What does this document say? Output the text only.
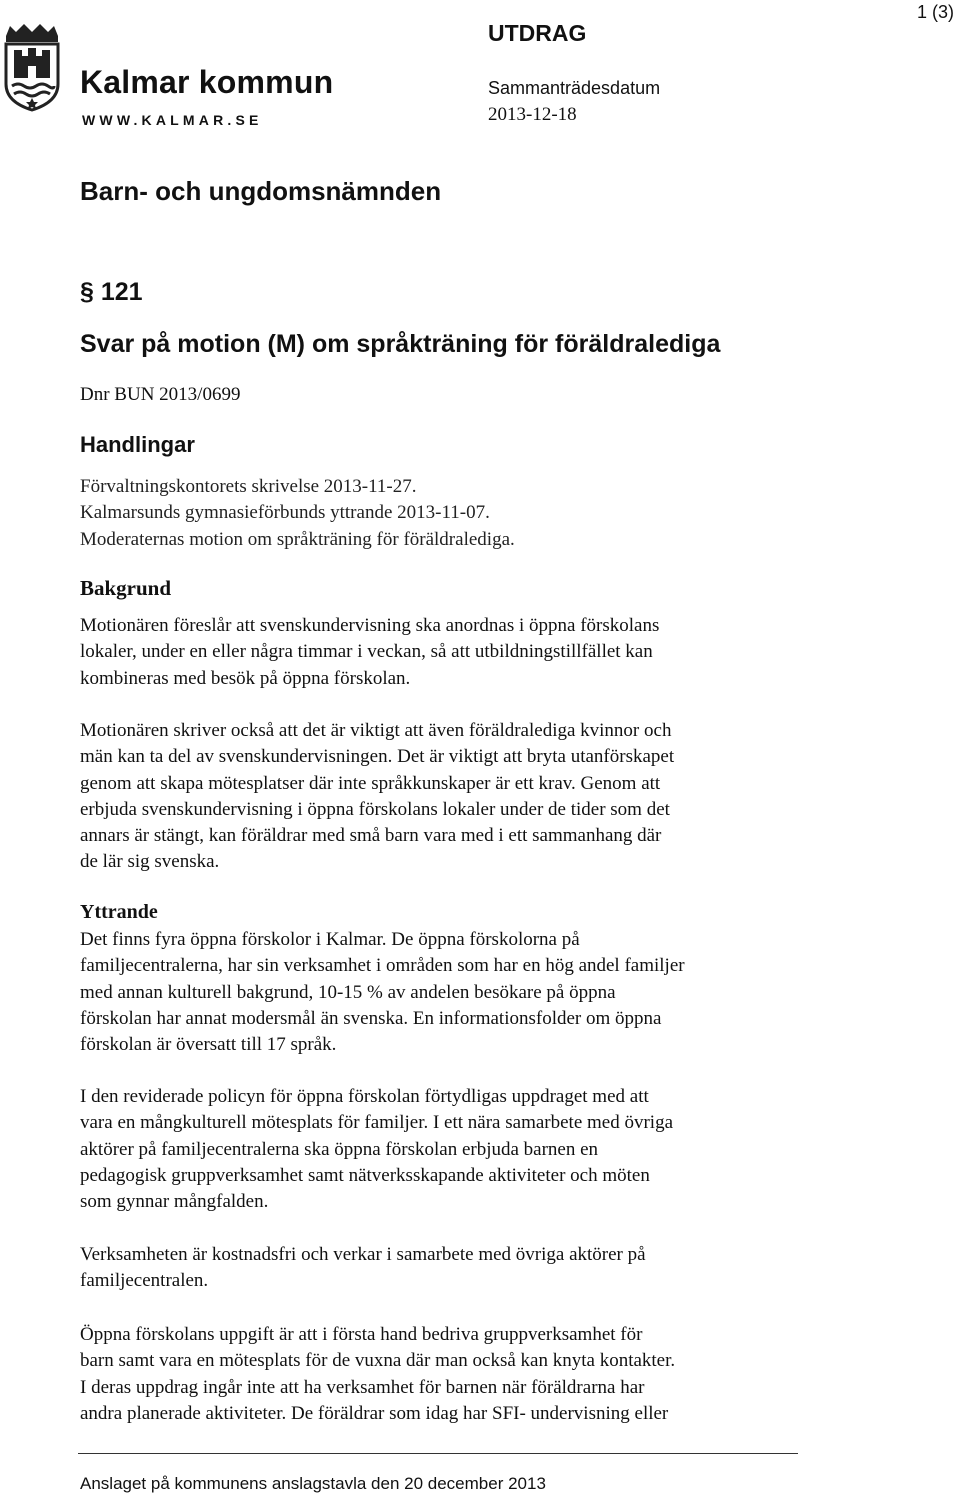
Kalmar kommun
WWW.KALMAR.SE
1 (3)
UTDRAG
Sammanträdesdatum
2013-12-18
Barn- och ungdomsnämnden
§ 121
Svar på motion (M) om språkträning för föräldralediga
Dnr BUN 2013/0699
Handlingar
Förvaltningskontorets skrivelse 2013-11-27.
Kalmarsunds gymnasieförbunds yttrande 2013-11-07.
Moderaternas motion om språkträning för föräldralediga.
Bakgrund
Motionären föreslår att svenskundervisning ska anordnas i öppna förskolans
lokaler, under en eller några timmar i veckan, så att utbildningstillfället kan
kombineras med besök på öppna förskolan.
Motionären skriver också att det är viktigt att även föräldralediga kvinnor och
män kan ta del av svenskundervisningen. Det är viktigt att bryta utanförskapet
genom att skapa mötesplatser där inte språkkunskaper är ett krav. Genom att
erbjuda svenskundervisning i öppna förskolans lokaler under de tider som det
annars är stängt, kan föräldrar med små barn vara med i ett sammanhang där
de lär sig svenska.
Yttrande
Det finns fyra öppna förskolor i Kalmar. De öppna förskolorna på
familjecentralerna, har sin verksamhet i områden som har en hög andel familjer
med annan kulturell bakgrund, 10-15 % av andelen besökare på öppna
förskolan har annat modersmål än svenska. En informationsfolder om öppna
förskolan är översatt till 17 språk.
I den reviderade policyn för öppna förskolan förtydligas uppdraget med att
vara en mångkulturell mötesplats för familjer. I ett nära samarbete med övriga
aktörer på familjecentralerna ska öppna förskolan erbjuda barnen en
pedagogisk gruppverksamhet samt nätverksskapande aktiviteter och möten
som gynnar mångfalden.
Verksamheten är kostnadsfri och verkar i samarbete med övriga aktörer på
familjecentralen.
Öppna förskolans uppgift är att i första hand bedriva gruppverksamhet för
barn samt vara en mötesplats för de vuxna där man också kan knyta kontakter.
I deras uppdrag ingår inte att ha verksamhet för barnen när föräldrarna har
andra planerade aktiviteter. De föräldrar som idag har SFI- undervisning eller
Anslaget på kommunens anslagstavla den 20 december 2013
